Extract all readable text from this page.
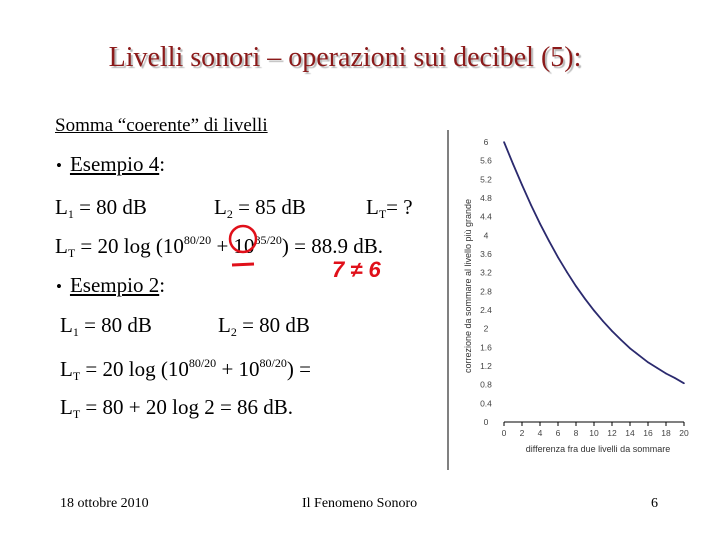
Livelli sonori – operazioni sui decibel (5):
Somma “coerente” di livelli
• Esempio 4:
$L_1 = 80$ dB	$L_2 = 85$ dB	$L_T=$ ?
$L_T = 20$ $\log (10^{80/20} + 10^{85/20}) = 88.9$ dB.
7 ≠ 6
• Esempio 2:
$L_1 = 80$ dB	$L_2 = 80$ dB
$L_T = 20$ $\log (10^{80/20} + 10^{80/20})$ =
$L_T = 80 + 20$ log 2 = 86 dB.
correzione da sommare al livello più grande
differenza fra due livelli da sommare
0
0.4
0.8
1.2
1.6
2
2.4
2.8
3.2
3.6
4
4.4
4.8
5.2
5.6
6
0 2 4 6 8 10 12 14 16 18 20
18 ottobre 2010	Il Fenomeno Sonoro	6
